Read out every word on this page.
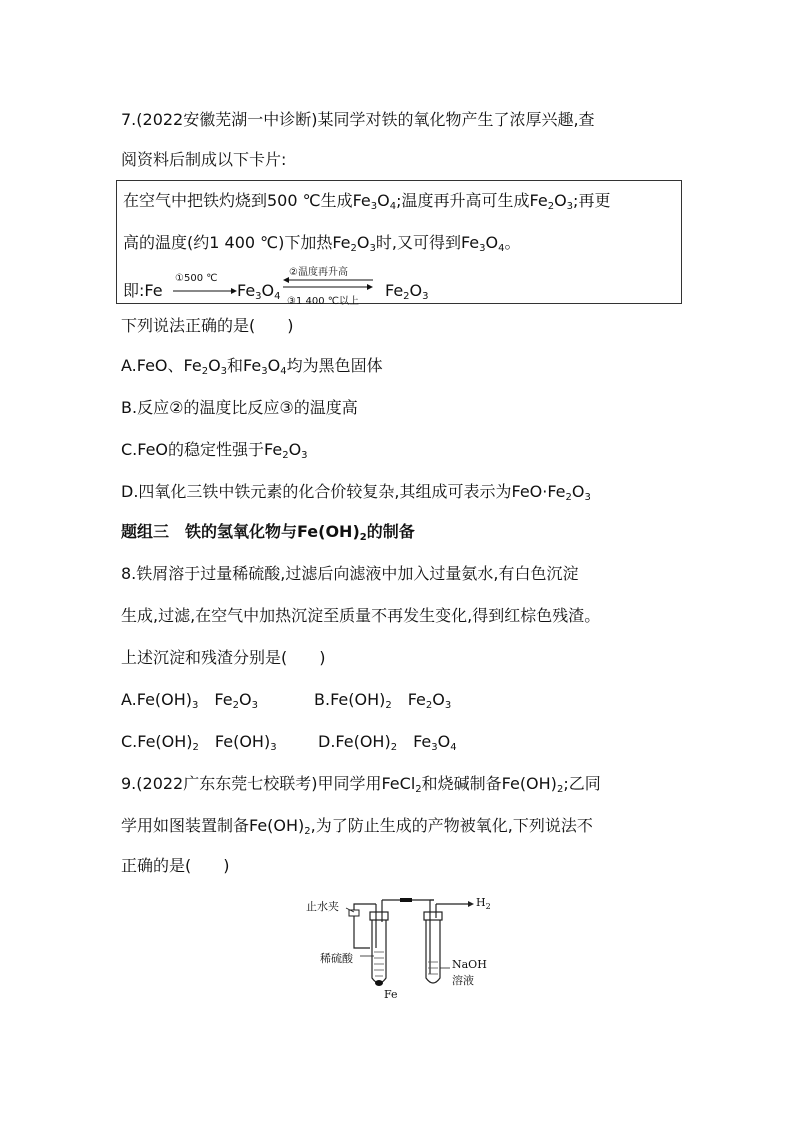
7.(2022安徽芜湖一中诊断)某同学对铁的氧化物产生了浓厚兴趣,查
阅资料后制成以下卡片:
在空气中把铁灼烧到500 ℃生成$Fe_3O_4$;温度再升高可生成$Fe_2O_3$;再更
高的温度(约1 400 ℃)下加热$Fe_2O_3$时,又可得到$Fe_3O_4$。
即:Fe
①500 ℃
$Fe_3O_4$
②温度再升高
③1 400 ℃以上
$Fe_2O_3$
下列说法正确的是(　　)
A.FeO、$Fe_2O_3$和$Fe_3O_4$均为黑色固体
B.反应②的温度比反应③的温度高
C.FeO的稳定性强于$Fe_2O_3$
D.四氧化三铁中铁元素的化合价较复杂,其组成可表示为$FeO\cdot Fe_2O_3$
题组三　铁的氢氧化物与$Fe(OH)_2$的制备
8.铁屑溶于过量稀硫酸,过滤后向滤液中加入过量氨水,有白色沉淀
生成,过滤,在空气中加热沉淀至质量不再发生变化,得到红棕色残渣。
上述沉淀和残渣分别是(　　)
$A.Fe(OH)_3$　$Fe_2O_3$	$B.Fe(OH)_2$　$Fe_2O_3$
$C.Fe(OH)_2$　$Fe(OH)_3$	$D.Fe(OH)_2$　$Fe_3O_4$
9.(2022广东东莞七校联考)甲同学用FeCl$_2$和烧碱制备$Fe(OH)_2$;乙同
学用如图装置制备$Fe(OH)_2$,为了防止生成的产物被氧化,下列说法不
正确的是(　　)
止水夹
稀硫酸
Fe
$H_2$
NaOH
溶液
